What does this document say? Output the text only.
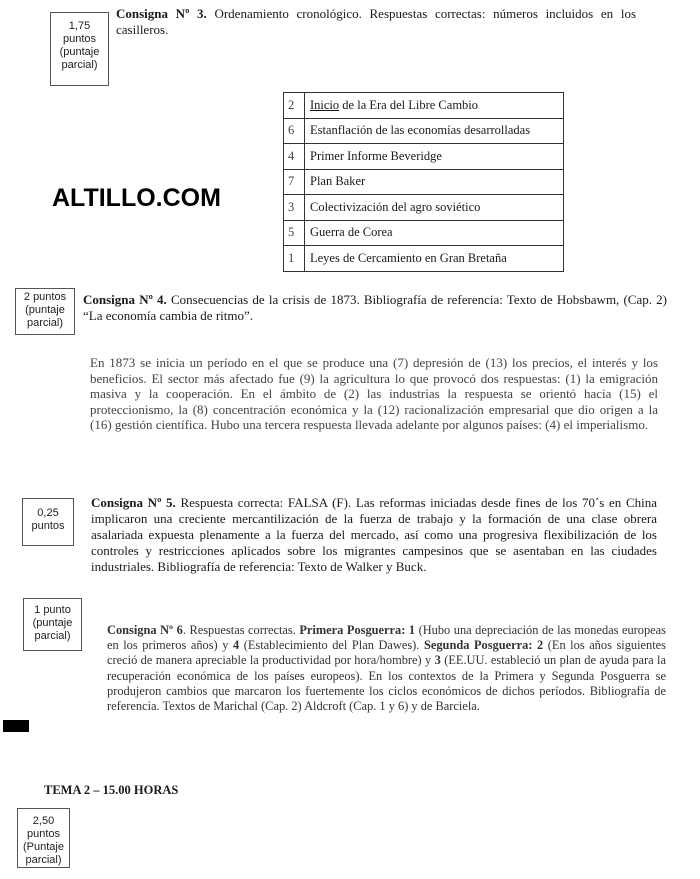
1,75
puntos
(puntaje
parcial)
Consigna Nº 3. Ordenamiento cronológico. Respuestas correctas: números incluidos en los casilleros.
2	Inicio de la Era del Libre Cambio
6	Estanflación de las economías desarrolladas
4	Primer Informe Beveridge
7	Plan Baker
3	Colectivización del agro soviético
5	Guerra de Corea
1	Leyes de Cercamiento en Gran Bretaña
ALTILLO.COM
2 puntos
(puntaje
parcial)
Consigna Nº 4. Consecuencias de la crisis de 1873. Bibliografía de referencia: Texto de Hobsbawm, (Cap. 2) “La economía cambia de ritmo”.
En 1873 se inicia un período en el que se produce una (7) depresión de (13) los precios, el interés y los beneficios. El sector más afectado fue (9) la agricultura lo que provocó dos respuestas: (1) la emigración masiva y la cooperación. En el ámbito de (2) las industrias la respuesta se orientó hacia (15) el proteccionismo, la (8) concentración económica y la (12) racionalización empresarial que dio origen a la (16) gestión científica. Hubo una tercera respuesta llevada adelante por algunos países: (4) el imperialismo.
0,25
puntos
Consigna Nº 5. Respuesta correcta: FALSA (F). Las reformas iniciadas desde fines de los 70´s en China implicaron una creciente mercantilización de la fuerza de trabajo y la formación de una clase obrera asalariada expuesta plenamente a la fuerza del mercado, así como una progresiva flexibilización de los controles y restricciones aplicados sobre los migrantes campesinos que se asentaban en las ciudades industriales. Bibliografía de referencia: Texto de Walker y Buck.
1 punto
(puntaje
parcial)	Consigna Nº 6. Respuestas correctas. Primera Posguerra: 1 (Hubo una depreciación de las monedas europeas en los primeros años) y 4 (Establecimiento del Plan Dawes). Segunda Posguerra: 2 (En los años siguientes creció de manera apreciable la productividad por hora/hombre) y 3 (EE.UU. estableció un plan de ayuda para la recuperación económica de los países europeos). En los contextos de la Primera y Segunda Posguerra se produjeron cambios que marcaron los fuertemente los ciclos económicos de dichos períodos. Bibliografía de referencia. Textos de Marichal (Cap. 2) Aldcroft (Cap. 1 y 6) y de Barciela.
TEMA 2 – 15.00 HORAS
2,50
puntos
(Puntaje
parcial)
